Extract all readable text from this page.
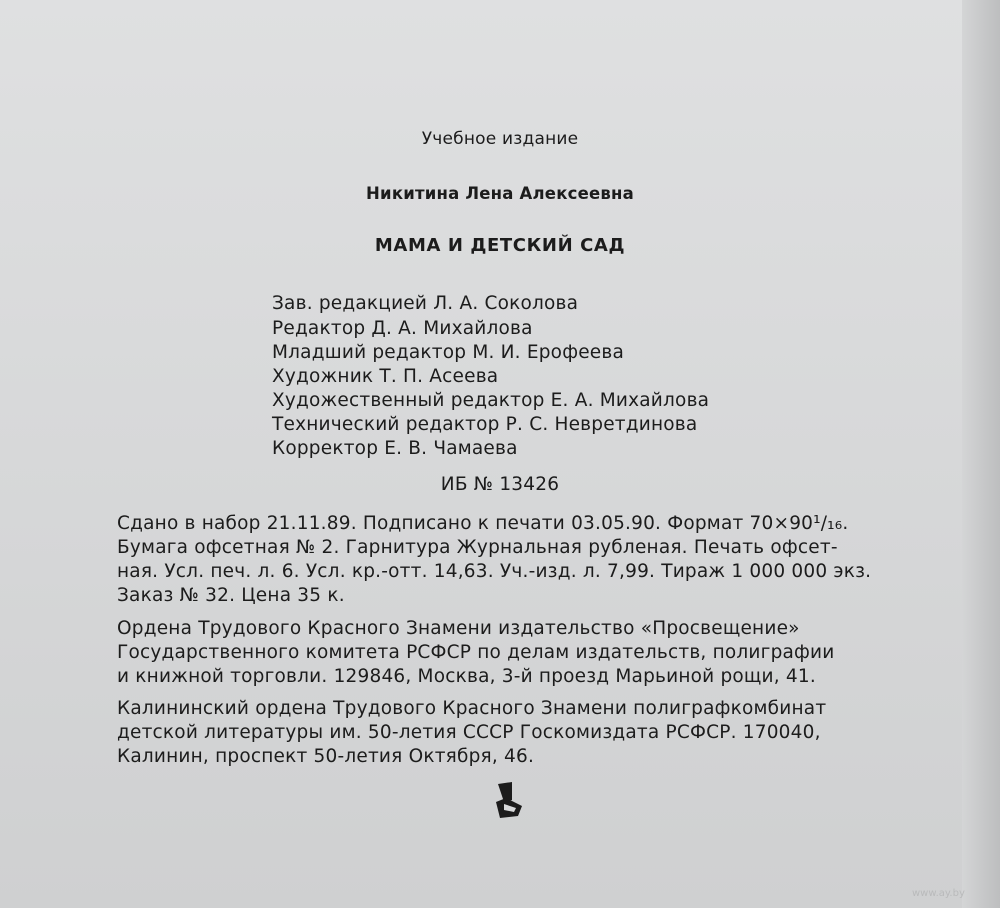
Учебное издание

Никитина Лена Алексеевна

МАМА И ДЕТСКИЙ САД

Зав. редакцией Л. А. Соколова

Редактор Д. А. Михайлова

Младший редактор М. И. Ерофеева

Художник Т. П. Асеева

Художественный редактор Е. А. Михайлова

Технический редактор Р. С. Невретдинова

Корректор Е. В. Чамаева

ИБ № 13426

Сдано в набор 21.11.89. Подписано к печати 03.05.90. Формат 70×90¹/₁₆.

Бумага офсетная № 2. Гарнитура Журнальная рубленая. Печать офсет-

ная. Усл. печ. л. 6. Усл. кр.-отт. 14,63. Уч.-изд. л. 7,99. Тираж 1 000 000 экз.

Заказ № 32. Цена 35 к.

Ордена Трудового Красного Знамени издательство «Просвещение»

Государственного комитета РСФСР по делам издательств, полиграфии

и книжной торговли. 129846, Москва, 3-й проезд Марьиной рощи, 41.

Калининский ордена Трудового Красного Знамени полиграфкомбинат

детской литературы им. 50-летия СССР Госкомиздата РСФСР. 170040,

Калинин, проспект 50-летия Октября, 46.

www.ay.by
